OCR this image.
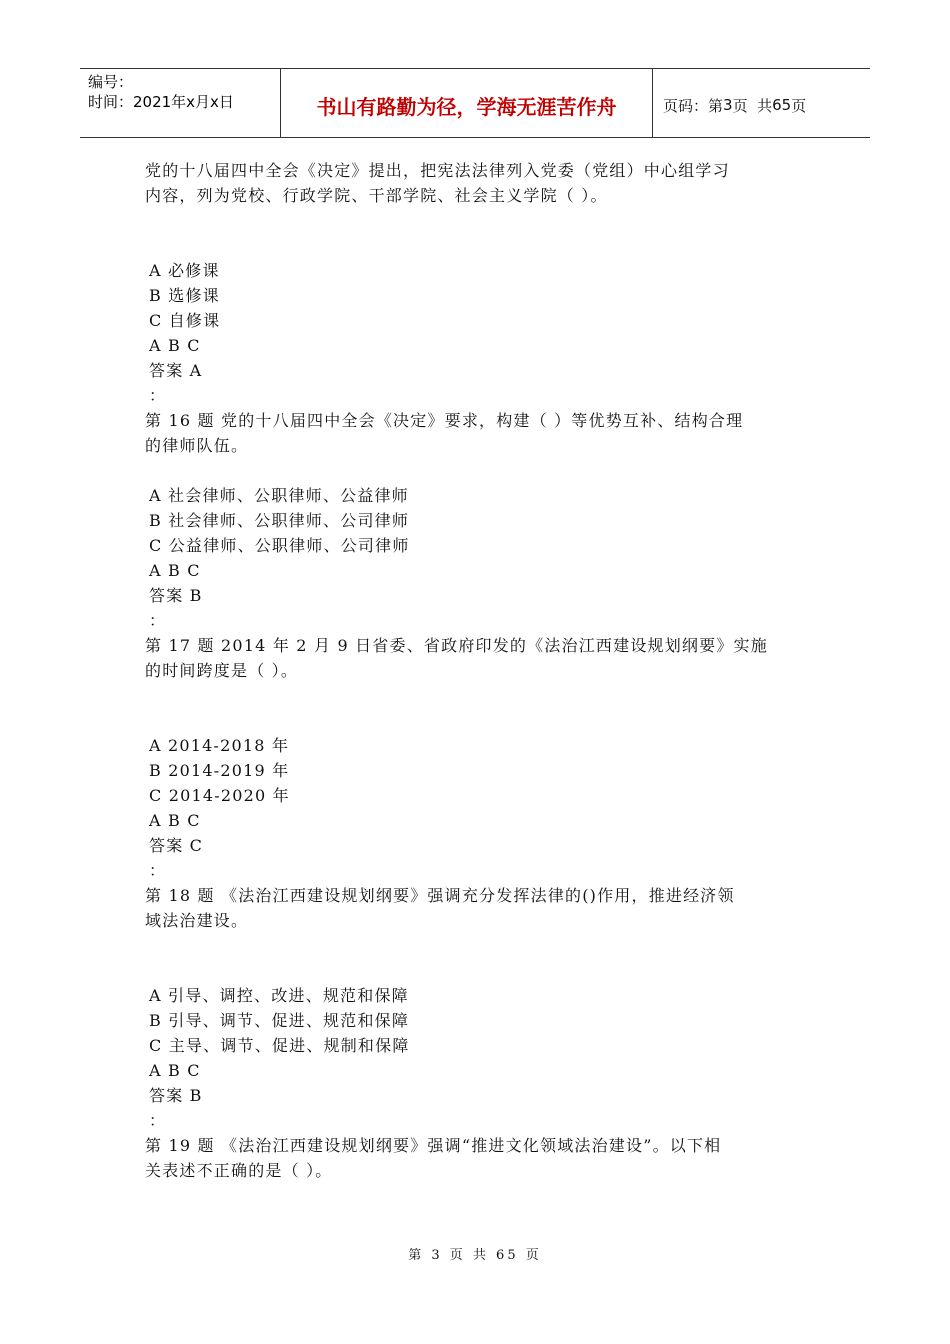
编号：
时间：2021年x月x日	书山有路勤为径，学海无涯苦作舟	页码：第 3 页  共 65 页
党的十八届四中全会《决定》提出，把宪法法律列入党委（党组）中心组学习
内容，列为党校、行政学院、干部学院、社会主义学院（ ）。
A 必修课
B 选修课
C 自修课
A B C
答案 A
：
第 16 题 党的十八届四中全会《决定》要求，构建（ ）等优势互补、结构合理
的律师队伍。
A 社会律师、公职律师、公益律师
B 社会律师、公职律师、公司律师
C 公益律师、公职律师、公司律师
A B C
答案 B
：
第 17 题 2014 年 2 月 9 日省委、省政府印发的《法治江西建设规划纲要》实施
的时间跨度是（ ）。
A 2014-2018 年
B 2014-2019 年
C 2014-2020 年
A B C
答案 C
：
第 18 题 《法治江西建设规划纲要》强调充分发挥法律的()作用，推进经济领
域法治建设。
A 引导、调控、改进、规范和保障
B 引导、调节、促进、规范和保障
C 主导、调节、促进、规制和保障
A B C
答案 B
：
第 19 题 《法治江西建设规划纲要》强调“推进文化领域法治建设”。以下相
关表述不正确的是（ ）。
第 3 页 共 65 页
